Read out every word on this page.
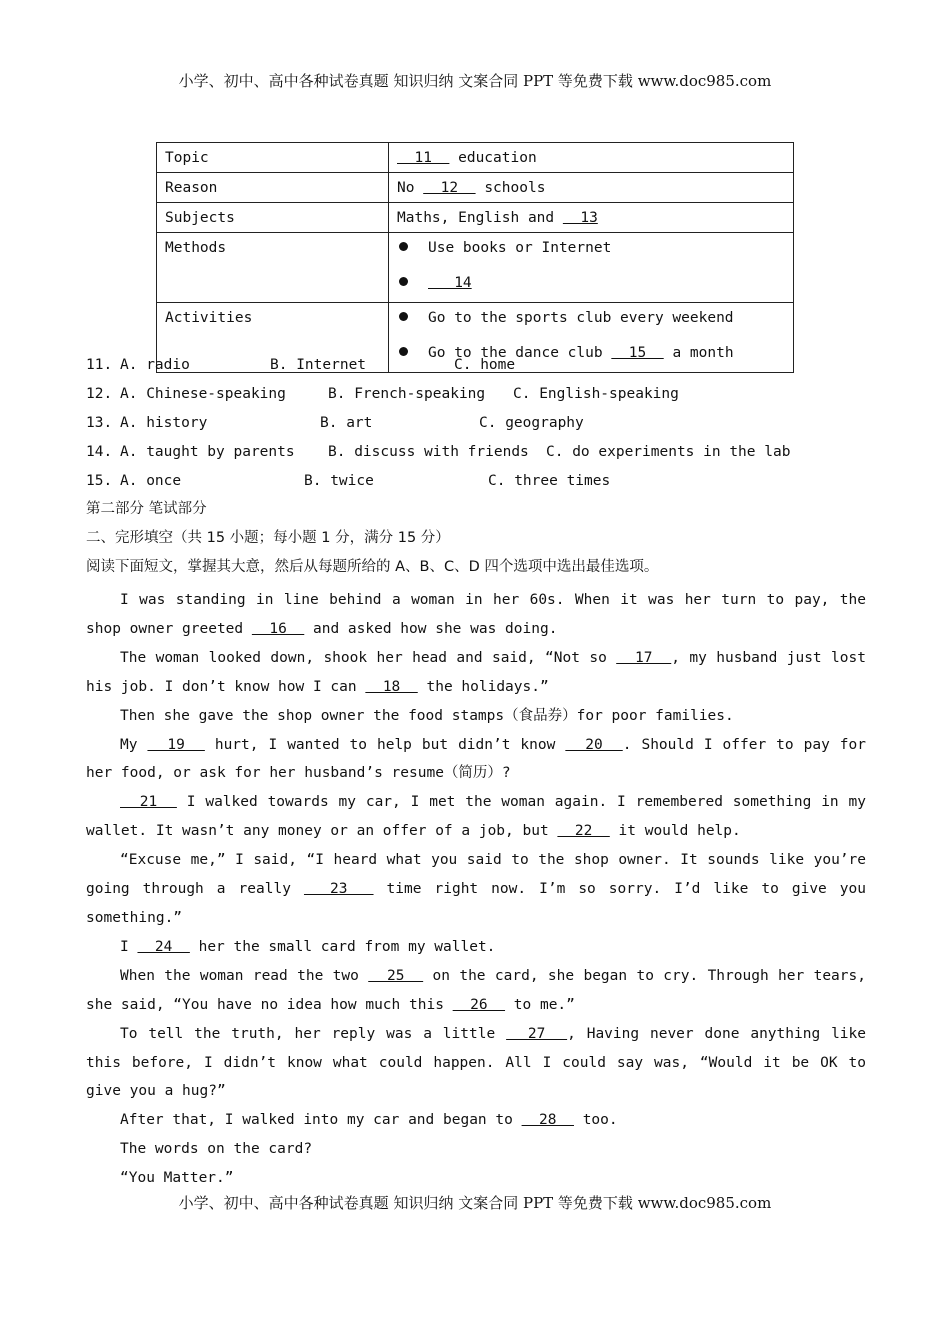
小学、初中、高中各种试卷真题 知识归纳 文案合同 PPT 等免费下载 www.doc985.com
Topic	11   education
Reason	No   12   schools
Subjects	Maths, English and   13
Methods	Use books or Internet
14

Activities	Go to the sports club every weekend
Go to the dance club   15   a month
11. A. radio	B. Internet	C. home
12. A. Chinese-speaking	B. French-speaking C. English-speaking
13. A. history	B. art	C. geography
14. A. taught by parents B. discuss with friends C. do experiments in the lab
15. A. once	B. twice	C. three times
第二部分 笔试部分
二、完形填空（共 15 小题；每小题 1 分，满分 15 分）
阅读下面短文，掌握其大意，然后从每题所给的 A、B、C、D 四个选项中选出最佳选项。

I was standing in line behind a woman in her 60s. When it was her turn to pay, the shop owner greeted   16   and asked how she was doing.

The woman looked down, shook her head and said, “Not so   17  , my husband just lost his job. I don’t know how I can   18   the holidays.”

Then she gave the shop owner the food stamps（食品券）for poor families.

My   19   hurt, I wanted to help but didn’t know   20  . Should I offer to pay for her food, or ask for her husband’s resume（简历）?

21   I walked towards my car, I met the woman again. I remembered something in my wallet. It wasn’t any money or an offer of a job, but   22   it would help.

“Excuse me,” I said, “I heard what you said to the shop owner. It sounds like you’re going through a really   23   time right now. I’m so sorry. I’d like to give you something.”

I   24   her the small card from my wallet.

When the woman read the two   25   on the card, she began to cry. Through her tears, she said, “You have no idea how much this   26   to me.”

To tell the truth, her reply was a little   27  , Having never done anything like this before, I didn’t know what could happen. All I could say was, “Would it be OK to give you a hug?”

After that, I walked into my car and began to   28   too.

The words on the card?

“You Matter.”

小学、初中、高中各种试卷真题 知识归纳 文案合同 PPT 等免费下载 www.doc985.com
